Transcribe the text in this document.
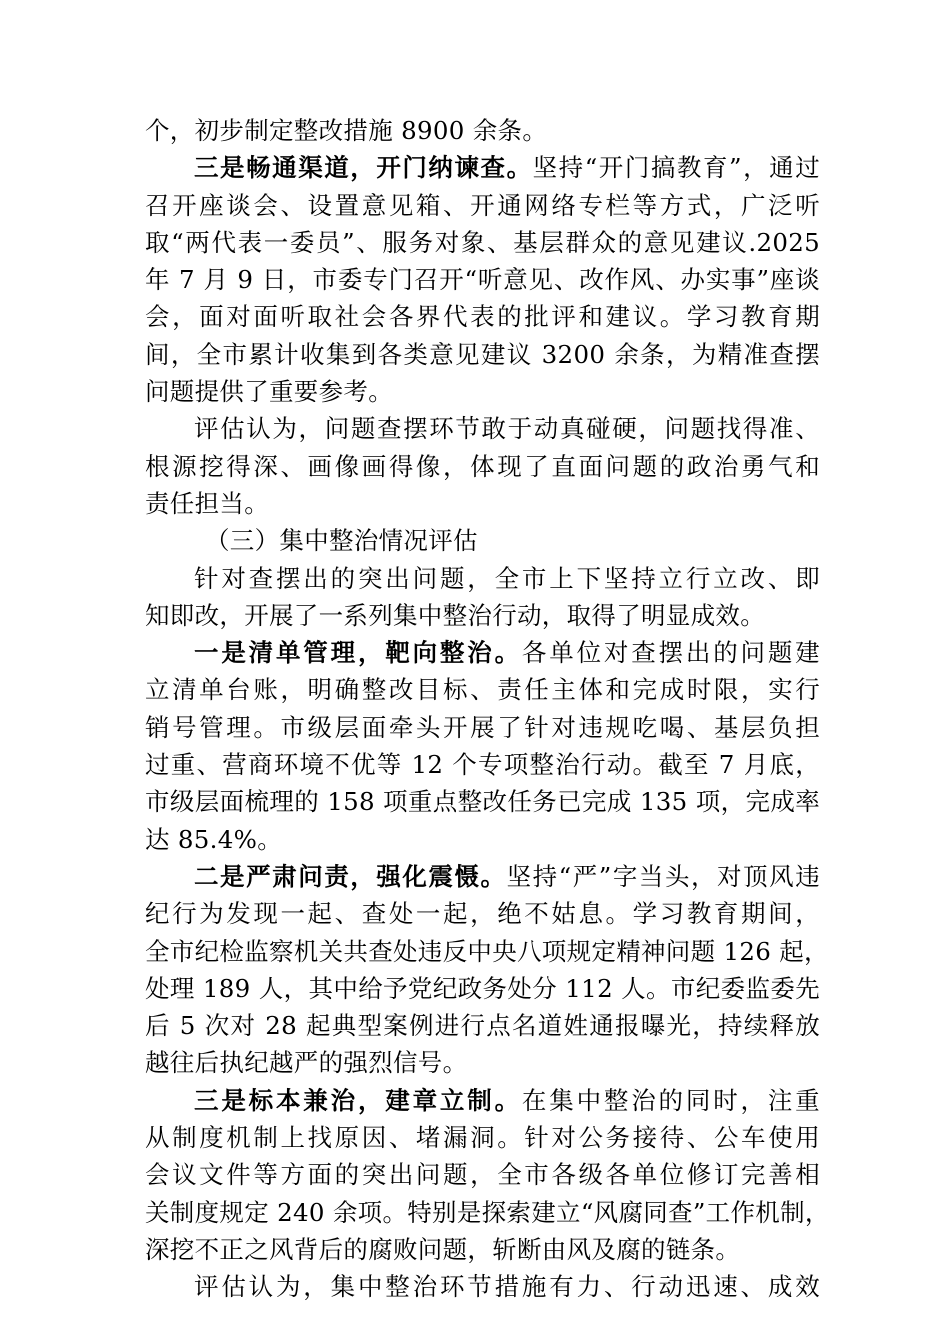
个，初步制定整改措施 8900 余条。
三是畅通渠道，开门纳谏查。坚持“开门搞教育”，通过
召开座谈会、设置意见箱、开通网络专栏等方式，广泛听
取“两代表一委员”、服务对象、基层群众的意见建议.2025
年 7 月 9 日，市委专门召开“听意见、改作风、办实事”座谈
会，面对面听取社会各界代表的批评和建议。学习教育期
间，全市累计收集到各类意见建议 3200 余条，为精准查摆
问题提供了重要参考。
评估认为，问题查摆环节敢于动真碰硬，问题找得准、
根源挖得深、画像画得像，体现了直面问题的政治勇气和
责任担当。
（三）集中整治情况评估
针对查摆出的突出问题，全市上下坚持立行立改、即
知即改，开展了一系列集中整治行动，取得了明显成效。
一是清单管理，靶向整治。各单位对查摆出的问题建
立清单台账，明确整改目标、责任主体和完成时限，实行
销号管理。市级层面牵头开展了针对违规吃喝、基层负担
过重、营商环境不优等 12 个专项整治行动。截至 7 月底，
市级层面梳理的 158 项重点整改任务已完成 135 项，完成率
达 85.4%。
二是严肃问责，强化震慑。坚持“严”字当头，对顶风违
纪行为发现一起、查处一起，绝不姑息。学习教育期间，
全市纪检监察机关共查处违反中央八项规定精神问题 126 起，
处理 189 人，其中给予党纪政务处分 112 人。市纪委监委先
后 5 次对 28 起典型案例进行点名道姓通报曝光，持续释放
越往后执纪越严的强烈信号。
三是标本兼治，建章立制。在集中整治的同时，注重
从制度机制上找原因、堵漏洞。针对公务接待、公车使用
会议文件等方面的突出问题，全市各级各单位修订完善相
关制度规定 240 余项。特别是探索建立“风腐同查”工作机制，
深挖不正之风背后的腐败问题，斩断由风及腐的链条。
评估认为，集中整治环节措施有力、行动迅速、成效
